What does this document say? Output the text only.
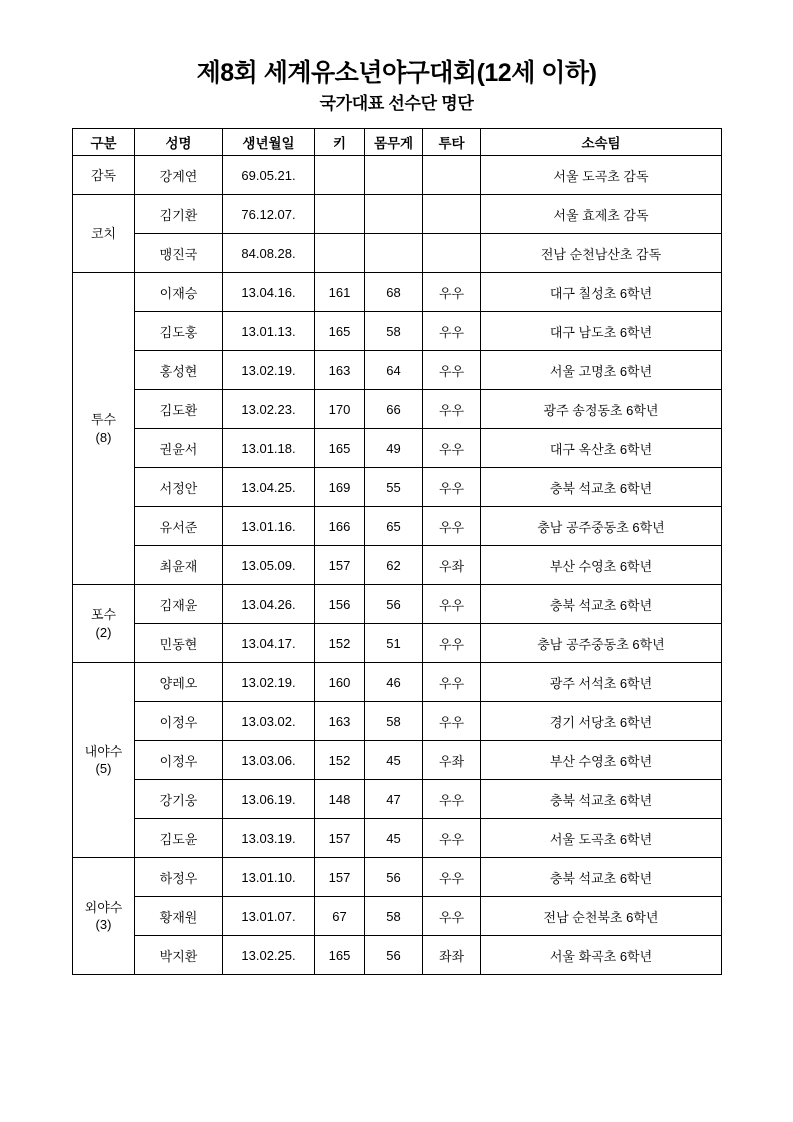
제8회 세계유소년야구대회(12세 이하)
국가대표 선수단 명단
구분	성명	생년월일	키	몸무게	투타	소속팀

감독	강계연	69.05.21.				서울 도곡초 감독

코치	김기환	76.12.07.				서울 효제초 감독
	맹진국	84.08.28.				전남 순천남산초 감독

투수
(8)	이재승	13.04.16.	161	68	우우	대구 칠성초 6학년
	김도홍	13.01.13.	165	58	우우	대구 남도초 6학년
	홍성현	13.02.19.	163	64	우우	서울 고명초 6학년
	김도환	13.02.23.	170	66	우우	광주 송정동초 6학년
	권윤서	13.01.18.	165	49	우우	대구 옥산초 6학년
	서정안	13.04.25.	169	55	우우	충북 석교초 6학년
	유서준	13.01.16.	166	65	우우	충남 공주중동초 6학년
	최윤재	13.05.09.	157	62	우좌	부산 수영초 6학년

포수
(2)	김재윤	13.04.26.	156	56	우우	충북 석교초 6학년
	민동현	13.04.17.	152	51	우우	충남 공주중동초 6학년

내야수
(5)	양레오	13.02.19.	160	46	우우	광주 서석초 6학년
	이정우	13.03.02.	163	58	우우	경기 서당초 6학년
	이정우	13.03.06.	152	45	우좌	부산 수영초 6학년
	강기웅	13.06.19.	148	47	우우	충북 석교초 6학년
	김도윤	13.03.19.	157	45	우우	서울 도곡초 6학년

외야수
(3)	하정우	13.01.10.	157	56	우우	충북 석교초 6학년
	황재원	13.01.07.	67	58	우우	전남 순천북초 6학년
	박지환	13.02.25.	165	56	좌좌	서울 화곡초 6학년
